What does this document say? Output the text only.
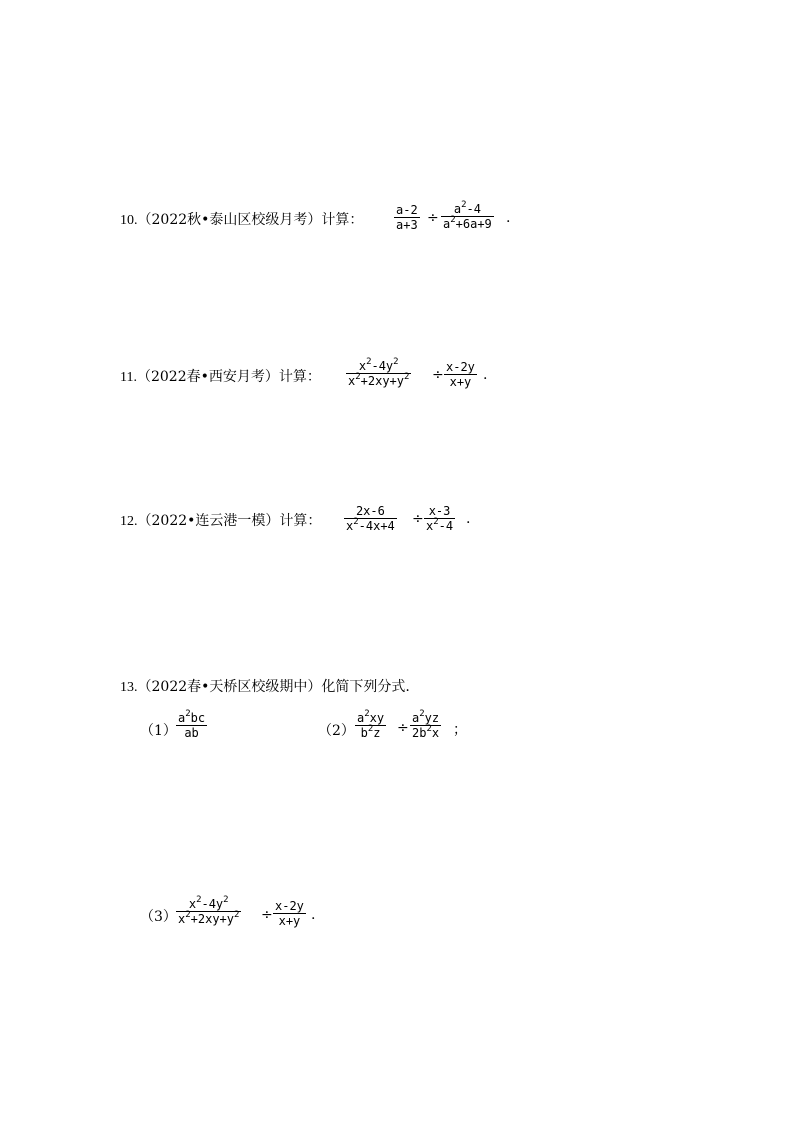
10.（2022秋•泰山区校级月考）计算：
a-2
a+3 ÷
$a^2-4$
$a^2+6a+9$ .
11.（2022春•西安月考）计算：
$x^2-4y^2$
$x^2+2xy+y^2 \div x-2y$
x+y .
12.（2022•连云港一模）计算：
2x-6
$x^2-4x+4 \div x-3$
$x^2-4$ .
13.（2022春•天桥区校级期中）化简下列分式.
（1）
$a^2bc$
ab	（2）
$a^2xy$
$b^2z$	÷
$a^2yz$
$2b^2x$ ；
（3）
$x^2-4y^2$
$x^2+2xy+y^2$ ÷
x-2y
x+y .
